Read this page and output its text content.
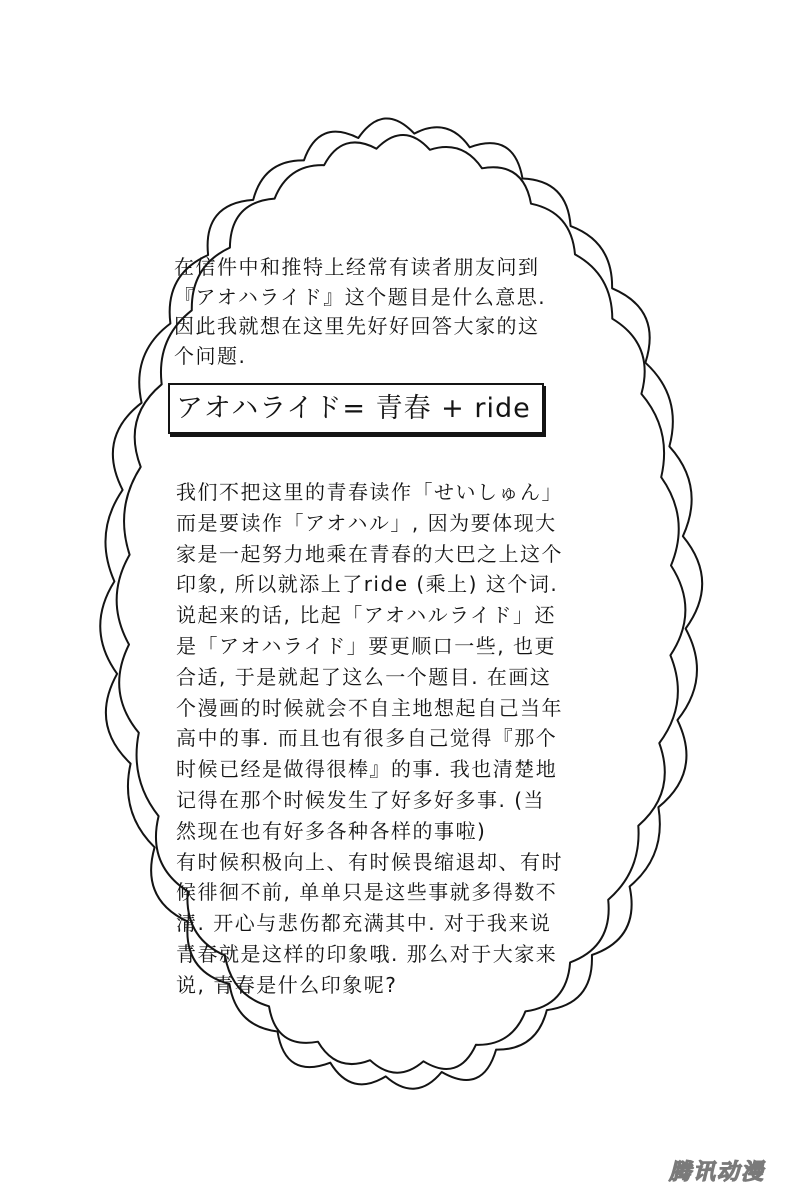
在信件中和推特上经常有读者朋友问到
『アオハライド』这个题目是什么意思.
因此我就想在这里先好好回答大家的这
个问题.
アオハライド= 青春 + ride
我们不把这里的青春读作「せいしゅん」
而是要读作「アオハル」, 因为要体现大
家是一起努力地乘在青春的大巴之上这个
印象, 所以就添上了ride (乘上) 这个词.
说起来的话, 比起「アオハルライド」还
是「アオハライド」要更顺口一些, 也更
合适, 于是就起了这么一个题目. 在画这
个漫画的时候就会不自主地想起自己当年
高中的事. 而且也有很多自己觉得『那个
时候已经是做得很棒』的事. 我也清楚地
记得在那个时候发生了好多好多事. (当
然现在也有好多各种各样的事啦)
有时候积极向上、有时候畏缩退却、有时
候徘徊不前, 单单只是这些事就多得数不
清. 开心与悲伤都充满其中. 对于我来说
青春就是这样的印象哦. 那么对于大家来
说, 青春是什么印象呢?
腾讯动漫
